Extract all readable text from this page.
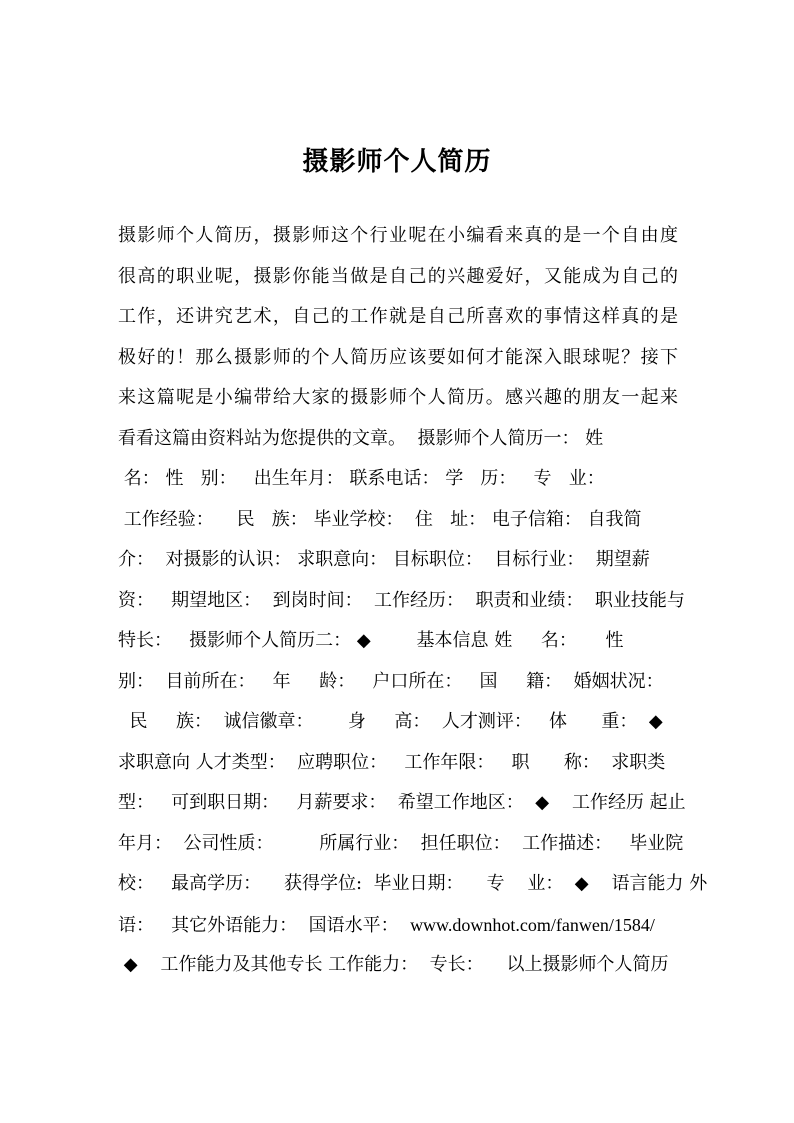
摄影师个人简历
摄影师个人简历，摄影师这个行业呢在小编看来真的是一个自由度
很高的职业呢，摄影你能当做是自己的兴趣爱好，又能成为自己的
工作，还讲究艺术，自己的工作就是自己所喜欢的事情这样真的是
极好的！那么摄影师的个人简历应该要如何才能深入眼球呢？接下
来这篇呢是小编带给大家的摄影师个人简历。感兴趣的朋友一起来
看看这篇由资料站为您提供的文章。  摄影师个人简历一： 姓
名： 性   别：   出生年月： 联系电话： 学   历：   专   业：
工作经验：    民   族： 毕业学校：  住   址： 电子信箱： 自我简
介：  对摄影的认识： 求职意向： 目标职位：  目标行业：  期望薪
资：   期望地区：  到岗时间：  工作经历：  职责和业绩：  职业技能与
特长：   摄影师个人简历二： ◆        基本信息 姓     名：     性
别：  目前所在：   年     龄：   户口所在：   国     籍：  婚姻状况：
民     族：  诚信徽章：      身     高：  人才测评：   体      重：  ◆
求职意向 人才类型：  应聘职位：   工作年限：   职      称：  求职类
型：   可到职日期：   月薪要求：  希望工作地区：  ◆    工作经历 起止
年月：  公司性质：        所属行业：  担任职位：  工作描述：   毕业院
校：   最高学历：    获得学位:  毕业日期：    专    业：  ◆    语言能力 外
语：   其它外语能力：  国语水平：  www.downhot.com/fanwen/1584/
◆    工作能力及其他专长 工作能力：  专长：    以上摄影师个人简历
